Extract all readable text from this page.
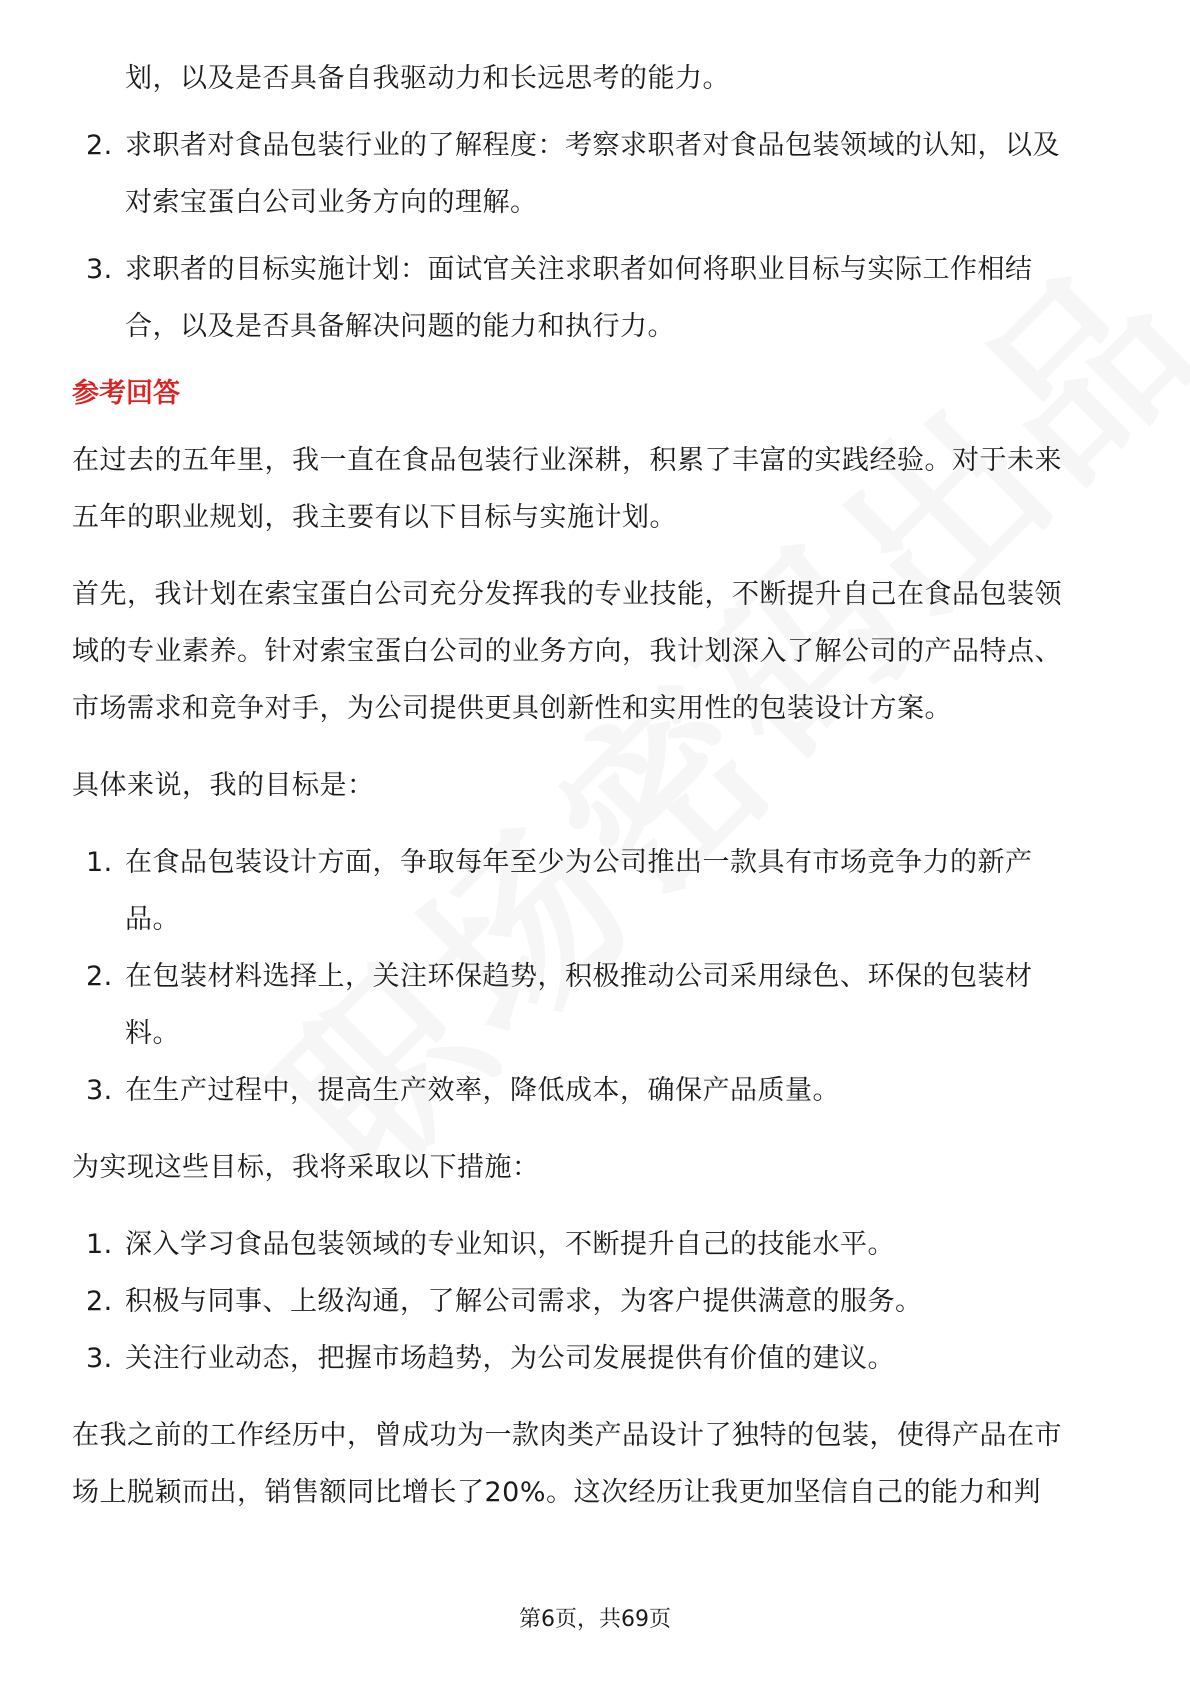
划，以及是否具备自我驱动力和长远思考的能力。

2. 求职者对食品包装行业的了解程度：考察求职者对食品包装领域的认知，以及
对索宝蛋白公司业务方向的理解。
3. 求职者的目标实施计划：面试官关注求职者如何将职业目标与实际工作相结
合，以及是否具备解决问题的能力和执行力。

参考回答

在过去的五年里，我一直在食品包装行业深耕，积累了丰富的实践经验。对于未来
五年的职业规划，我主要有以下目标与实施计划。

首先，我计划在索宝蛋白公司充分发挥我的专业技能，不断提升自己在食品包装领
域的专业素养。针对索宝蛋白公司的业务方向，我计划深入了解公司的产品特点、
市场需求和竞争对手，为公司提供更具创新性和实用性的包装设计方案。

具体来说，我的目标是：

1. 在食品包装设计方面，争取每年至少为公司推出一款具有市场竞争力的新产
品。
2. 在包装材料选择上，关注环保趋势，积极推动公司采用绿色、环保的包装材
料。
3. 在生产过程中，提高生产效率，降低成本，确保产品质量。

为实现这些目标，我将采取以下措施：

1. 深入学习食品包装领域的专业知识，不断提升自己的技能水平。
2. 积极与同事、上级沟通，了解公司需求，为客户提供满意的服务。
3. 关注行业动态，把握市场趋势，为公司发展提供有价值的建议。

在我之前的工作经历中，曾成功为一款肉类产品设计了独特的包装，使得产品在市
场上脱颖而出，销售额同比增长了20%。这次经历让我更加坚信自己的能力和判

第6页，共69页
